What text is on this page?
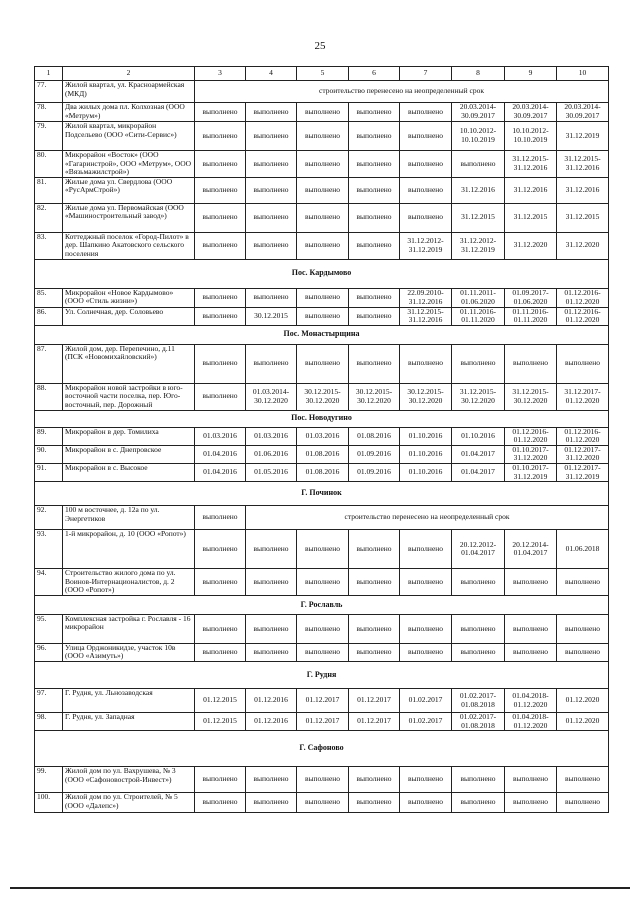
25
1	2	3	4	5	6	7	8	9	10
77.	Жилой квартал, ул. Красноармейская (МКД)	строительство перенесено на неопределенный срок							
78.	Два жилых дома пл. Колхозная (ООО «Метрум»)	выполнено	выполнено	выполнено	выполнено	выполнено	20.03.2014- 30.09.2017	20.03.2014- 30.09.2017	20.03.2014- 30.09.2017
79.	Жилой квартал, микрорайон Подсельево (ООО «Сити-Сервис»)	выполнено	выполнено	выполнено	выполнено	выполнено	10.10.2012- 10.10.2019	10.10.2012- 10.10.2019	31.12.2019
80.	Микрорайон «Восток» (ООО «Гагаринстрой», ООО «Метрум», ООО «Вязьмажилстрой»)	выполнено	выполнено	выполнено	выполнено	выполнено	выполнено	31.12.2015- 31.12.2016	31.12.2015- 31.12.2016
81.	Жилые дома ул. Свердлова (ООО «РусАрмСтрой»)	выполнено	выполнено	выполнено	выполнено	выполнено	31.12.2016	31.12.2016	31.12.2016
82.	Жилые дома ул. Первомайская (ООО «Машиностроительный завод»)	выполнено	выполнено	выполнено	выполнено	выполнено	31.12.2015	31.12.2015	31.12.2015
83.	Коттеджный поселок «Город-Пилот» в дер. Шапкино Акатовского сельского поселения	выполнено	выполнено	выполнено	выполнено	31.12.2012- 31.12.2019	31.12.2012- 31.12.2019	31.12.2020	31.12.2020
Пос. Кардымово									
85.	Микрорайон «Новое Кардымово» (ООО «Стиль жизни»)	выполнено	выполнено	выполнено	выполнено	22.09.2010- 31.12.2016	01.11.2011- 01.06.2020	01.09.2017- 01.06.2020	01.12.2016- 01.12.2020
86.	Ул. Солнечная, дер. Соловьево	выполнено	30.12.2015	выполнено	выполнено	31.12.2015- 31.12.2016	01.11.2016- 01.11.2020	01.11.2016- 01.11.2020	01.12.2016- 01.12.2020
Пос. Монастырщина									
87.	Жилой дом, дер. Перепечино, д.11 (ПСК «Новомихайловский»)	выполнено	выполнено	выполнено	выполнено	выполнено	выполнено	выполнено	выполнено
88.	Микрорайон новой застройки в юго-восточной части поселка, пер. Юго-восточный, пер. Дорожный	выполнено	01.03.2014- 30.12.2020	30.12.2015- 30.12.2020	30.12.2015- 30.12.2020	30.12.2015- 30.12.2020	31.12.2015- 30.12.2020	31.12.2015- 30.12.2020	31.12.2017- 01.12.2020
Пос. Новодугино									
89.	Микрорайон в дер. Томилиха	01.03.2016	01.03.2016	01.03.2016	01.08.2016	01.10.2016	01.10.2016	01.12.2016- 01.12.2020	01.12.2016- 01.12.2020
90.	Микрорайон в с. Днепровское	01.04.2016	01.06.2016	01.08.2016	01.09.2016	01.10.2016	01.04.2017	01.10.2017- 31.12.2020	01.12.2017- 31.12.2020
91.	Микрорайон в с. Высокое	01.04.2016	01.05.2016	01.08.2016	01.09.2016	01.10.2016	01.04.2017	01.10.2017- 31.12.2019	01.12.2017- 31.12.2019
Г. Починок									
92.	100 м восточнее, д. 12а по ул. Энергетиков	выполнено	строительство перенесено на неопределенный срок						
93.	1-й микрорайон, д. 10 (ООО «Ропот»)	выполнено	выполнено	выполнено	выполнено	выполнено	20.12.2012- 01.04.2017	20.12.2014- 01.04.2017	01.06.2018
94.	Строительство жилого дома по ул. Воинов-Интернационалистов, д. 2 (ООО «Ропот»)	выполнено	выполнено	выполнено	выполнено	выполнено	выполнено	выполнено	выполнено
Г. Рославль									
95.	Комплексная застройка г. Рославля - 16 микрорайон	выполнено	выполнено	выполнено	выполнено	выполнено	выполнено	выполнено	выполнено
96.	Улица Орджоникидзе, участок 10в (ООО «Азимуть»)	выполнено	выполнено	выполнено	выполнено	выполнено	выполнено	выполнено	выполнено
Г. Рудня									
97.	Г. Рудня, ул. Льнозаводская	01.12.2015	01.12.2016	01.12.2017	01.12.2017	01.02.2017	01.02.2017- 01.08.2018	01.04.2018- 01.12.2020	01.12.2020
98.	Г. Рудня, ул. Западная	01.12.2015	01.12.2016	01.12.2017	01.12.2017	01.02.2017	01.02.2017- 01.08.2018	01.04.2018- 01.12.2020	01.12.2020
Г. Сафоново									
99.	Жилой дом по ул. Вахрушева, № 3 (ООО «Сафоновострой-Инвест»)	выполнено	выполнено	выполнено	выполнено	выполнено	выполнено	выполнено	выполнено
100.	Жилой дом по ул. Строителей, № 5 (ООО «Далепс»)	выполнено	выполнено	выполнено	выполнено	выполнено	выполнено	выполнено	выполнено
